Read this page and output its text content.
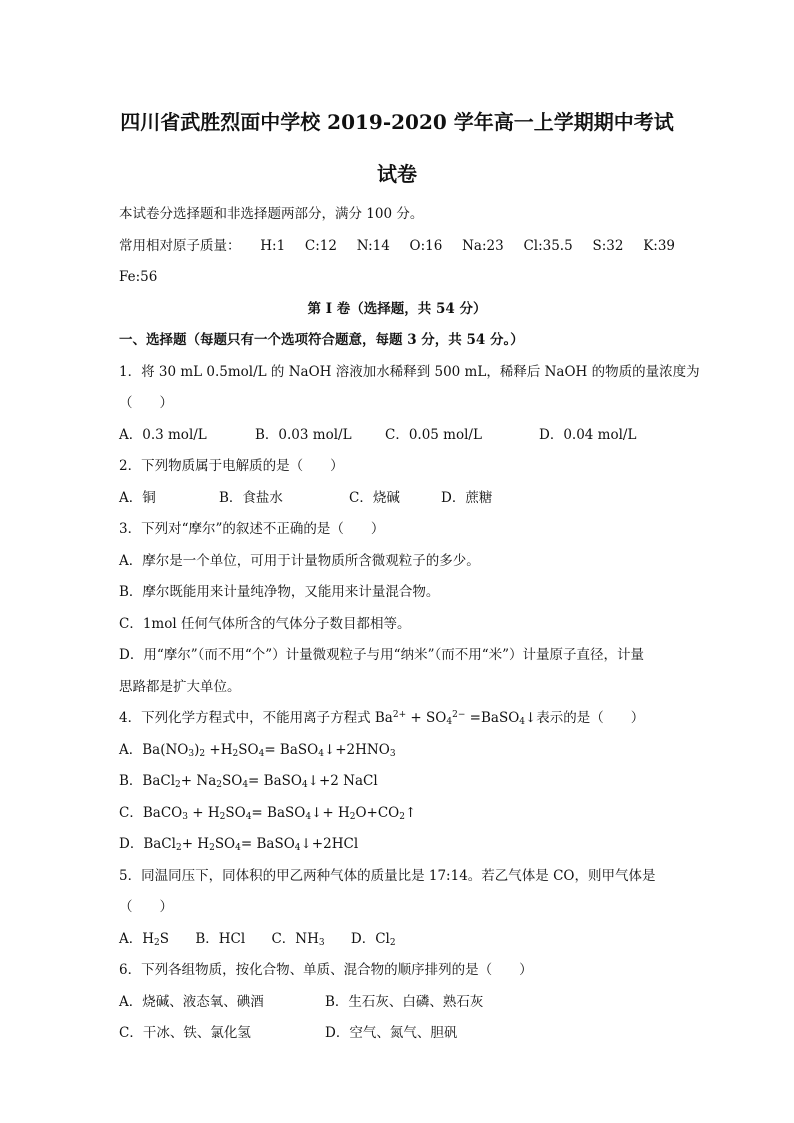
四川省武胜烈面中学校 2019-2020 学年高一上学期期中考试
试卷
本试卷分选择题和非选择题两部分，满分 100 分。
常用相对原子质量： H:1 C:12 N:14 O:16 Na:23 Cl:35.5 S:32 K:39
Fe:56
第 I 卷（选择题，共 54 分）
一、选择题（每题只有一个选项符合题意，每题 3 分，共 54 分。）
1．将 30 mL 0.5mol/L 的 NaOH 溶液加水稀释到 500 mL，稀释后 NaOH 的物质的量浓度为
（　　）
A．0.3 mol/L	B．0.03 mol/L	C．0.05 mol/L	D．0.04 mol/L
2．下列物质属于电解质的是（　　）
A．铜	B．食盐水	C．烧碱	D．蔗糖
3．下列对“摩尔”的叙述不正确的是（　　）
A．摩尔是一个单位，可用于计量物质所含微观粒子的多少。
B．摩尔既能用来计量纯净物，又能用来计量混合物。
C．1mol 任何气体所含的气体分子数目都相等。
D．用“摩尔”（而不用“个”）计量微观粒子与用“纳米”（而不用“米”）计量原子直径，计量
思路都是扩大单位。
4．下列化学方程式中，不能用离子方程式 $Ba^{2+} + SO_4^{2-}$ =BaSO$_4$↓表示的是（　　）
A．$Ba(NO_3)_2 +H_2SO_4=$ $BaSO_4↓+2HNO_3$
B．BaCl$_2$+ $Na_2SO_4=$ BaSO$_4$↓+2 NaCl
C．BaCO$_3$ + $H_2SO_4=$ BaSO$_4$↓+ $H_2O+CO_2↑$
D．BaCl$_2$+ $H_2SO_4=$ BaSO$_4$↓+2HCl
5．同温同压下，同体积的甲乙两种气体的质量比是 17:14。若乙气体是 CO，则甲气体是
（　　）
A．$H_2S$ B．HCl C．$NH_3$ D．$Cl_2$
6．下列各组物质，按化合物、单质、混合物的顺序排列的是（　　）
A．烧碱、液态氧、碘酒	B．生石灰、白磷、熟石灰
C．干冰、铁、氯化氢	D．空气、氮气、胆矾
